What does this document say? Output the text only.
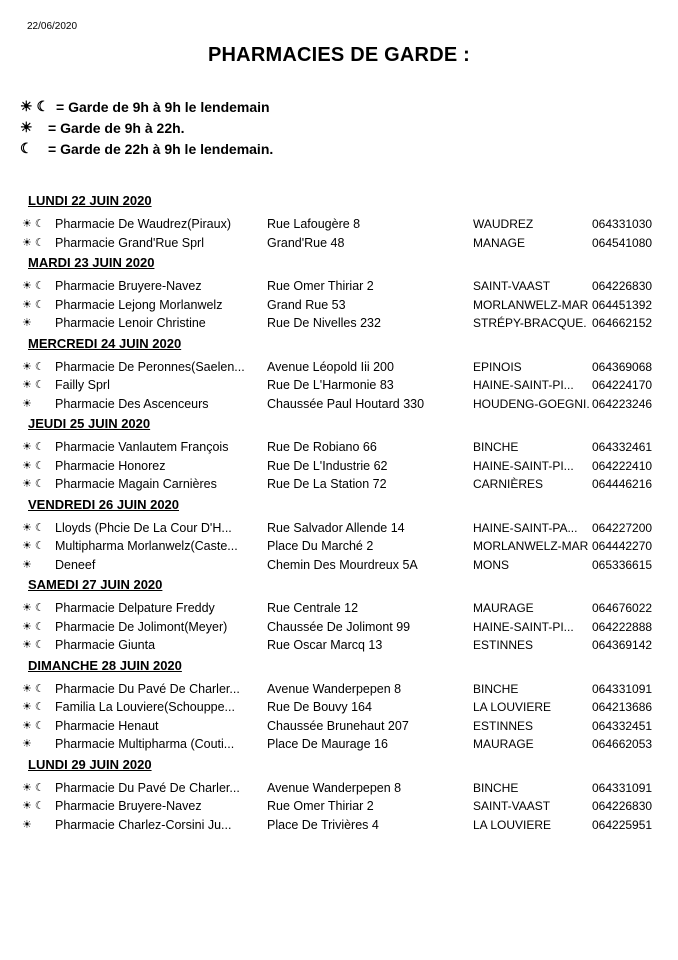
22/06/2020
PHARMACIES DE GARDE :
☀ ☾ = Garde de 9h à 9h le lendemain
☀	= Garde de 9h à 22h.
☾	= Garde de 22h à 9h le lendemain.
LUNDI 22 JUIN 2020
☀ ☾ Pharmacie De Waudrez(Piraux)	Rue Lafougère 8	WAUDREZ	064331030
☀ ☾ Pharmacie Grand'Rue Sprl	Grand'Rue 48	MANAGE	064541080
MARDI 23 JUIN 2020
☀ ☾ Pharmacie Bruyere-Navez	Rue Omer Thiriar 2	SAINT-VAAST	064226830
☀ ☾ Pharmacie Lejong Morlanwelz	Grand Rue 53	MORLANWELZ-MAR 064451392
☀	Pharmacie Lenoir Christine	Rue De Nivelles 232	STRÉPY-BRACQUE. 064662152
MERCREDI 24 JUIN 2020
☀ ☾ Pharmacie De Peronnes(Saelen...	Avenue Léopold Iii 200	EPINOIS	064369068
☀ ☾ Failly Sprl	Rue De L'Harmonie 83	HAINE-SAINT-PI...	064224170
☀	Pharmacie Des Ascenceurs	Chaussée Paul Houtard 330	HOUDENG-GOEGNI. 064223246
JEUDI 25 JUIN 2020
☀ ☾ Pharmacie Vanlautem François	Rue De Robiano 66	BINCHE	064332461
☀ ☾ Pharmacie Honorez	Rue De L'Industrie 62	HAINE-SAINT-PI...	064222410
☀ ☾ Pharmacie Magain Carnières	Rue De La Station 72	CARNIÈRES	064446216
VENDREDI 26 JUIN 2020
☀ ☾ Lloyds (Phcie De La Cour D'H...	Rue Salvador Allende 14	HAINE-SAINT-PA...	064227200
☀ ☾ Multipharma Morlanwelz(Caste...	Place Du Marché 2	MORLANWELZ-MAR 064442270
☀	Deneef	Chemin Des Mourdreux 5A	MONS	065336615
SAMEDI 27 JUIN 2020
☀ ☾ Pharmacie Delpature Freddy	Rue Centrale 12	MAURAGE	064676022
☀ ☾ Pharmacie De Jolimont(Meyer)	Chaussée De Jolimont 99	HAINE-SAINT-PI...	064222888
☀ ☾ Pharmacie Giunta	Rue Oscar Marcq 13	ESTINNES	064369142
DIMANCHE 28 JUIN 2020
☀ ☾ Pharmacie Du Pavé De Charler...	Avenue Wanderpepen 8	BINCHE	064331091
☀ ☾ Familia La Louviere(Schouppe...	Rue De Bouvy 164	LA LOUVIERE	064213686
☀ ☾ Pharmacie Henaut	Chaussée Brunehaut 207	ESTINNES	064332451
☀	Pharmacie Multipharma (Couti...	Place De Maurage 16	MAURAGE	064662053
LUNDI 29 JUIN 2020
☀ ☾ Pharmacie Du Pavé De Charler...	Avenue Wanderpepen 8	BINCHE	064331091
☀ ☾ Pharmacie Bruyere-Navez	Rue Omer Thiriar 2	SAINT-VAAST	064226830
☀	Pharmacie Charlez-Corsini Ju...	Place De Trivières 4	LA LOUVIERE	064225951
